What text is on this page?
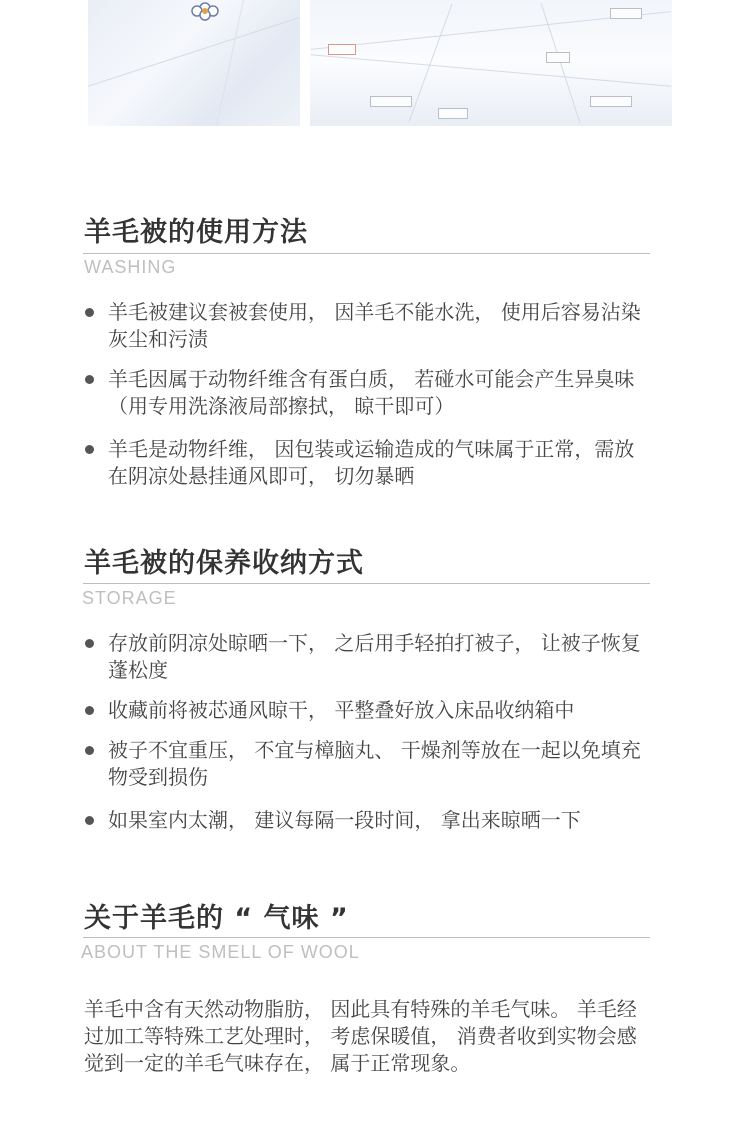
羊毛被的使用方法
WASHING
羊毛被建议套被套使用， 因羊毛不能水洗， 使用后容易沾染灰尘和污渍
羊毛因属于动物纤维含有蛋白质， 若碰水可能会产生异臭味 （用专用洗涤液局部擦拭， 晾干即可）
羊毛是动物纤维， 因包装或运输造成的气味属于正常，需放在阴凉处悬挂通风即可， 切勿暴晒
羊毛被的保养收纳方式
STORAGE
存放前阴凉处晾晒一下， 之后用手轻拍打被子， 让被子恢复蓬松度
收藏前将被芯通风晾干， 平整叠好放入床品收纳箱中
被子不宜重压， 不宜与樟脑丸、 干燥剂等放在一起以免填充物受到损伤
如果室内太潮， 建议每隔一段时间， 拿出来晾晒一下
关于羊毛的 “ 气味 ”
ABOUT THE SMELL OF WOOL
羊毛中含有天然动物脂肪， 因此具有特殊的羊毛气味。 羊毛经过加工等特殊工艺处理时， 考虑保暖值， 消费者收到实物会感觉到一定的羊毛气味存在， 属于正常现象。
